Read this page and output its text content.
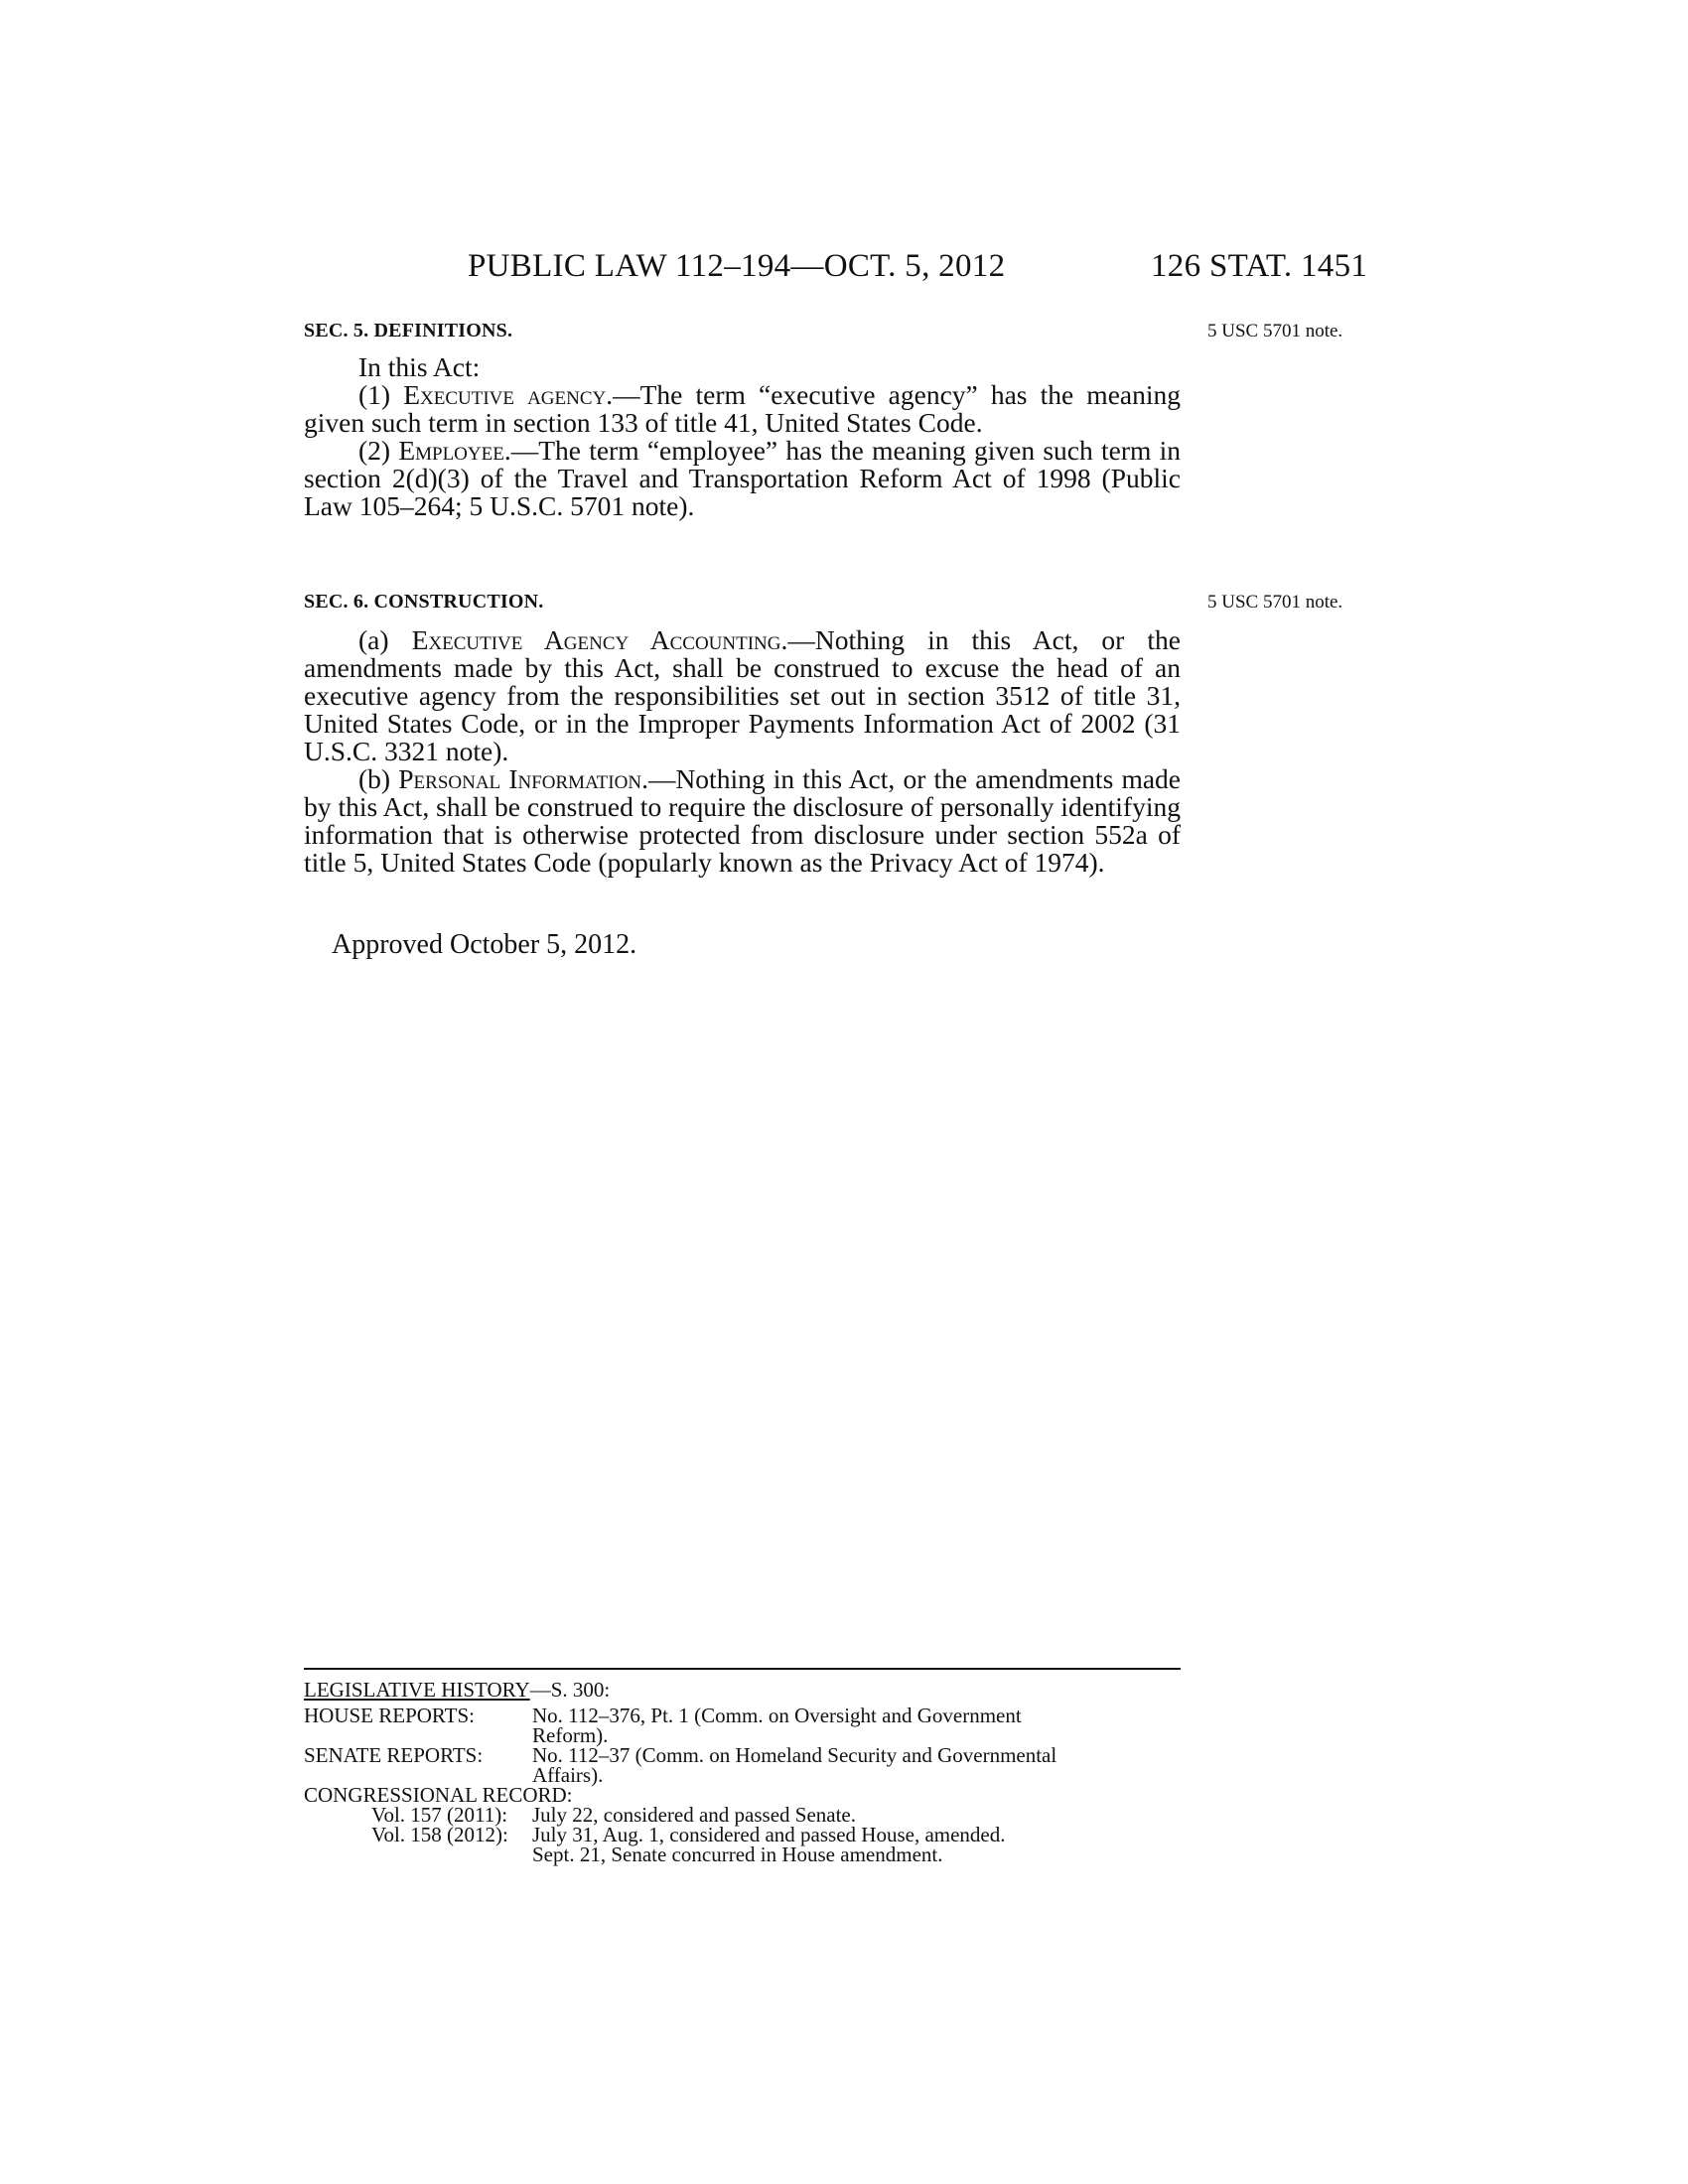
PUBLIC LAW 112–194—OCT. 5, 2012	126 STAT. 1451
SEC. 5. DEFINITIONS.	5 USC 5701 note.

In this Act:

(1) Executive agency.—The term “executive agency” has the meaning given such term in section 133 of title 41, United States Code.

(2) Employee.—The term “employee” has the meaning given such term in section 2(d)(3) of the Travel and Transportation Reform Act of 1998 (Public Law 105–264; 5 U.S.C. 5701 note).

SEC. 6. CONSTRUCTION.	5 USC 5701 note.

(a) Executive Agency Accounting.—Nothing in this Act, or the amendments made by this Act, shall be construed to excuse the head of an executive agency from the responsibilities set out in section 3512 of title 31, United States Code, or in the Improper Payments Information Act of 2002 (31 U.S.C. 3321 note).

(b) Personal Information.—Nothing in this Act, or the amendments made by this Act, shall be construed to require the disclosure of personally identifying information that is otherwise protected from disclosure under section 552a of title 5, United States Code (popularly known as the Privacy Act of 1974).

Approved October 5, 2012.
LEGISLATIVE HISTORY—S. 300:
HOUSE REPORTS:	No. 112–376, Pt. 1 (Comm. on Oversight and Government
Reform).
SENATE REPORTS: No. 112–37 (Comm. on Homeland Security and Governmental
Affairs).
CONGRESSIONAL RECORD:
Vol. 157 (2011): July 22, considered and passed Senate.
Vol. 158 (2012): July 31, Aug. 1, considered and passed House, amended.
Sept. 21, Senate concurred in House amendment.
